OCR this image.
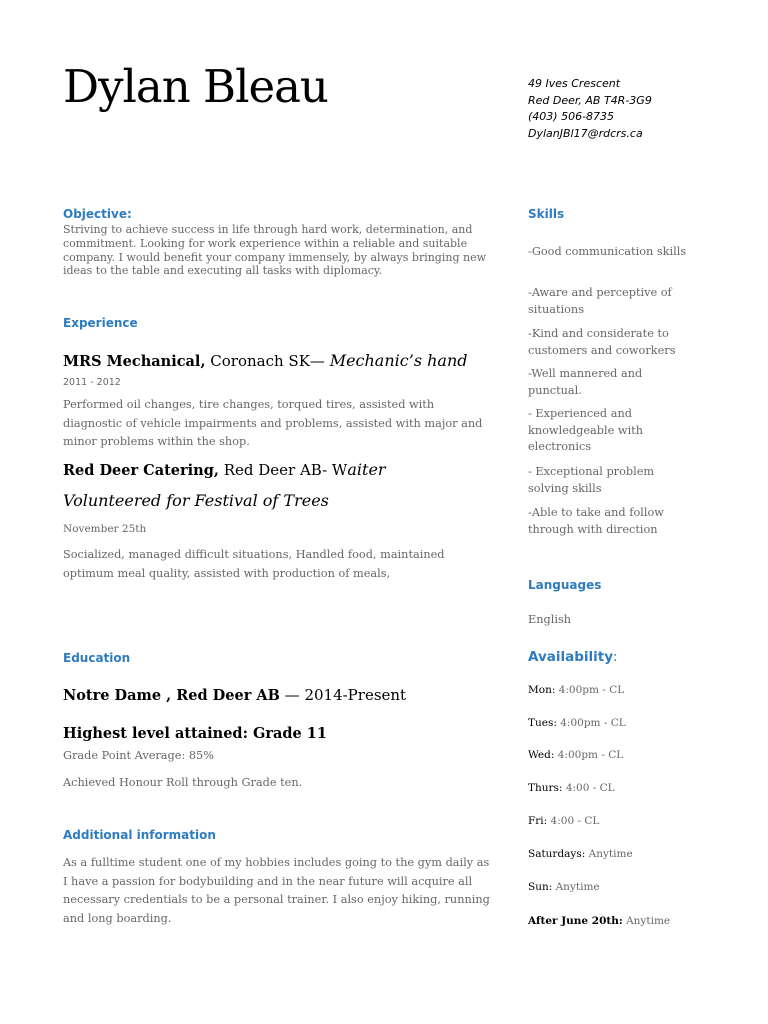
Dylan Bleau	49 Ives Crescent
Red Deer, AB T4R-3G9
(403) 506-8735
DylanJBl17@rdcrs.ca
Objective:
Striving to achieve success in life through hard work, determination, and commitment. Looking for work experience within a reliable and suitable company. I would benefit your company immensely, by always bringing new ideas to the table and executing all tasks with diplomacy.
Experience
MRS Mechanical, Coronach SK— Mechanic’s hand
2011 - 2012
Performed oil changes, tire changes, torqued tires, assisted with diagnostic of vehicle impairments and problems, assisted with major and minor problems within the shop.
Red Deer Catering, Red Deer AB- Waiter
Volunteered for Festival of Trees
November 25th
Socialized, managed difficult situations, Handled food, maintained optimum meal quality, assisted with production of meals,
Education
Notre Dame , Red Deer AB — 2014-Present
Highest level attained: Grade 11
Grade Point Average: 85%
Achieved Honour Roll through Grade ten.
Additional information
As a fulltime student one of my hobbies includes going to the gym daily as I have a passion for bodybuilding and in the near future will acquire all necessary credentials to be a personal trainer. I also enjoy hiking, running and long boarding.
Skills
-Good communication skills
-Aware and perceptive of situations
-Kind and considerate to customers and coworkers
-Well mannered and punctual.
- Experienced and knowledgeable with electronics
- Exceptional problem solving skills
-Able to take and follow through with direction
Languages
English
Availability:
Mon: 4:00pm - CL
Tues: 4:00pm - CL
Wed: 4:00pm - CL
Thurs: 4:00 - CL
Fri: 4:00 - CL
Saturdays: Anytime
Sun: Anytime
After June 20th: Anytime
